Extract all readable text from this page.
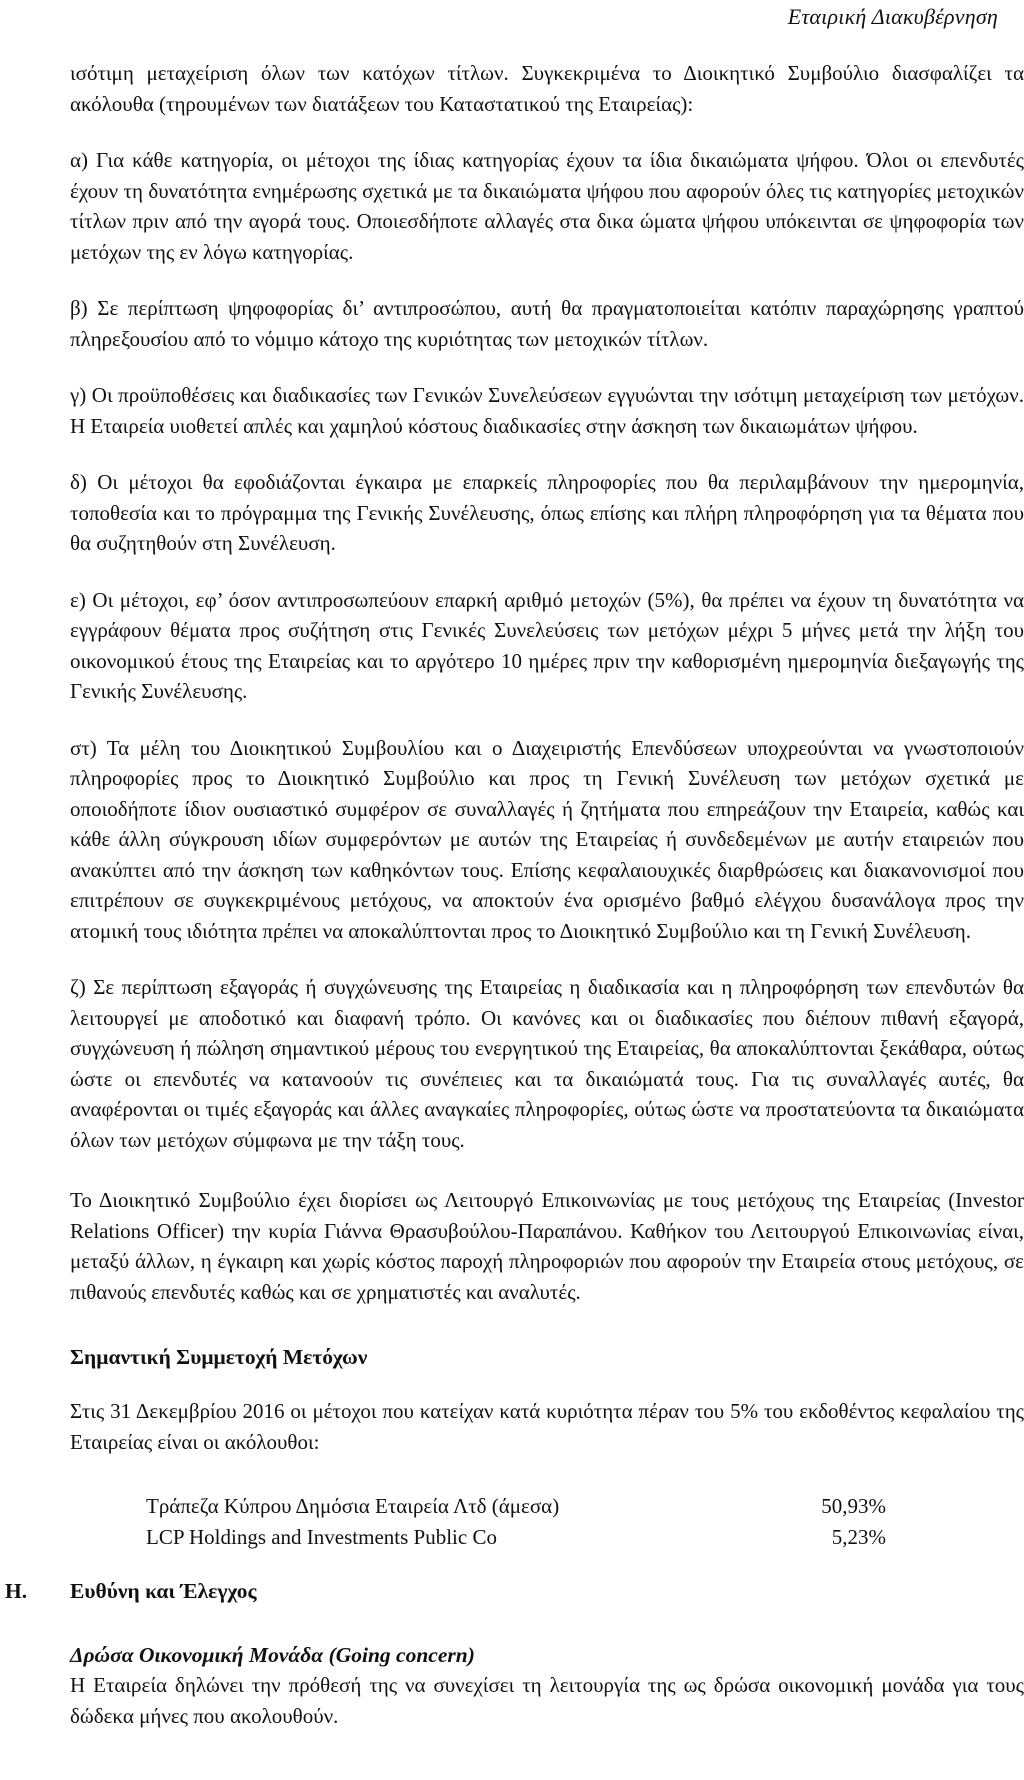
Εταιρική Διακυβέρνηση

ισότιμη μεταχείριση όλων των κατόχων τίτλων. Συγκεκριμένα το Διοικητικό Συμβούλιο διασφαλίζει τα ακόλουθα (τηρουμένων των διατάξεων του Καταστατικού της Εταιρείας):

α) Για κάθε κατηγορία, οι μέτοχοι της ίδιας κατηγορίας έχουν τα ίδια δικαιώματα ψήφου. Όλοι οι επενδυτές έχουν τη δυνατότητα ενημέρωσης σχετικά με τα δικαιώματα ψήφου που αφορούν όλες τις κατηγορίες μετοχικών τίτλων πριν από την αγορά τους. Οποιεσδήποτε αλλαγές στα δικα ώματα ψήφου υπόκεινται σε ψηφοφορία των μετόχων της εν λόγω κατηγορίας.

β) Σε περίπτωση ψηφοφορίας δι’ αντιπροσώπου, αυτή θα πραγματοποιείται κατόπιν παραχώρησης γραπτού πληρεξουσίου από το νόμιμο κάτοχο της κυριότητας των μετοχικών τίτλων.

γ) Οι προϋποθέσεις και διαδικασίες των Γενικών Συνελεύσεων εγγυώνται την ισότιμη μεταχείριση των μετόχων. Η Εταιρεία υιοθετεί απλές και χαμηλού κόστους διαδικασίες στην άσκηση των δικαιωμάτων ψήφου.

δ) Οι μέτοχοι θα εφοδιάζονται έγκαιρα με επαρκείς πληροφορίες που θα περιλαμβάνουν την ημερομηνία, τοποθεσία και το πρόγραμμα της Γενικής Συνέλευσης, όπως επίσης και πλήρη πληροφόρηση για τα θέματα που θα συζητηθούν στη Συνέλευση.

ε) Οι μέτοχοι, εφ’ όσον αντιπροσωπεύουν επαρκή αριθμό μετοχών (5%), θα πρέπει να έχουν τη δυνατότητα να εγγράφουν θέματα προς συζήτηση στις Γενικές Συνελεύσεις των μετόχων μέχρι 5 μήνες μετά την λήξη του οικονομικού έτους της Εταιρείας και το αργότερο 10 ημέρες πριν την καθορισμένη ημερομηνία διεξαγωγής της Γενικής Συνέλευσης.

στ) Τα μέλη του Διοικητικού Συμβουλίου και ο Διαχειριστής Επενδύσεων υποχρεούνται να γνωστοποιούν πληροφορίες προς το Διοικητικό Συμβούλιο και προς τη Γενική Συνέλευση των μετόχων σχετικά με οποιοδήποτε ίδιον ουσιαστικό συμφέρον σε συναλλαγές ή ζητήματα που επηρεάζουν την Εταιρεία, καθώς και κάθε άλλη σύγκρουση ιδίων συμφερόντων με αυτών της Εταιρείας ή συνδεδεμένων με αυτήν εταιρειών που ανακύπτει από την άσκηση των καθηκόντων τους. Επίσης κεφαλαιουχικές διαρθρώσεις και διακανονισμοί που επιτρέπουν σε συγκεκριμένους μετόχους, να αποκτούν ένα ορισμένο βαθμό ελέγχου δυσανάλογα προς την ατομική τους ιδιότητα πρέπει να αποκαλύπτονται προς το Διοικητικό Συμβούλιο και τη Γενική Συνέλευση.

ζ) Σε περίπτωση εξαγοράς ή συγχώνευσης της Εταιρείας η διαδικασία και η πληροφόρηση των επενδυτών θα λειτουργεί με αποδοτικό και διαφανή τρόπο. Οι κανόνες και οι διαδικασίες που διέπουν πιθανή εξαγορά, συγχώνευση ή πώληση σημαντικού μέρους του ενεργητικού της Εταιρείας, θα αποκαλύπτονται ξεκάθαρα, ούτως ώστε οι επενδυτές να κατανοούν τις συνέπειες και τα δικαιώματά τους. Για τις συναλλαγές αυτές, θα αναφέρονται οι τιμές εξαγοράς και άλλες αναγκαίες πληροφορίες, ούτως ώστε να προστατεύοντα τα δικαιώματα όλων των μετόχων σύμφωνα με την τάξη τους.

Το Διοικητικό Συμβούλιο έχει διορίσει ως Λειτουργό Επικοινωνίας με τους μετόχους της Εταιρείας (Investor Relations Officer) την κυρία Γιάννα Θρασυβούλου-Παραπάνου. Καθήκον του Λειτουργού Επικοινωνίας είναι, μεταξύ άλλων, η έγκαιρη και χωρίς κόστος παροχή πληροφοριών που αφορούν την Εταιρεία στους μετόχους, σε πιθανούς επενδυτές καθώς και σε χρηματιστές και αναλυτές.

Σημαντική Συμμετοχή Μετόχων

Στις 31 Δεκεμβρίου 2016 οι μέτοχοι που κατείχαν κατά κυριότητα πέραν του 5% του εκδοθέντος κεφαλαίου της Εταιρείας είναι οι ακόλουθοι:

Τράπεζα Κύπρου Δημόσια Εταιρεία Λτδ (άμεσα)	50,93%
LCP Holdings and Investments Public Co	5,23%
H. Ευθύνη και Έλεγχος
Δρώσα Οικονομική Μονάδα (Going concern)

Η Εταιρεία δηλώνει την πρόθεσή της να συνεχίσει τη λειτουργία της ως δρώσα οικονομική μονάδα για τους δώδεκα μήνες που ακολουθούν.
